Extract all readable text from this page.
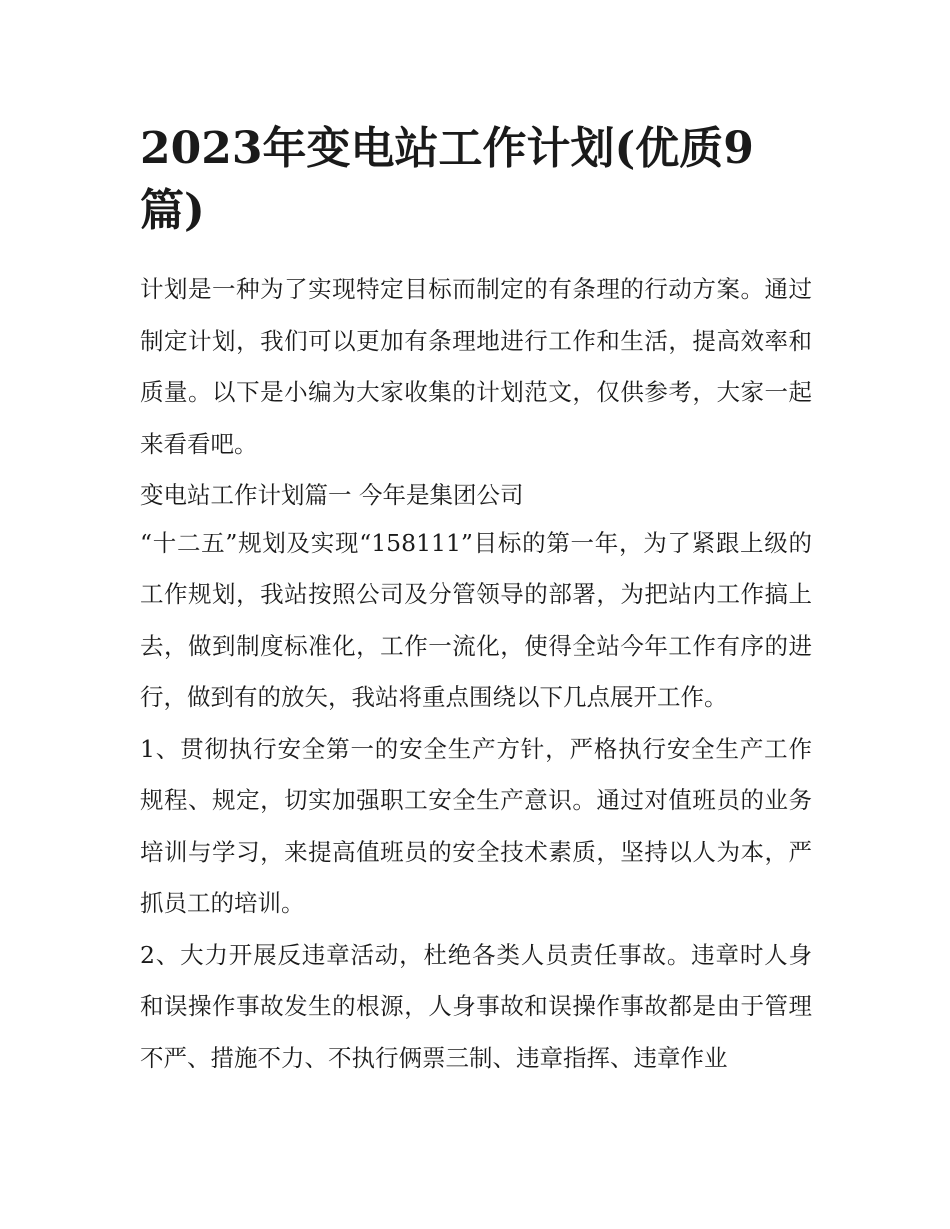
2023年变电站工作计划(优质9篇)

计划是一种为了实现特定目标而制定的有条理的行动方案。通过制定计划，我们可以更加有条理地进行工作和生活，提高效率和质量。以下是小编为大家收集的计划范文，仅供参考，大家一起来看看吧。

变电站工作计划篇一 今年是集团公司

“十二五”规划及实现“158111”目标的第一年，为了紧跟上级的工作规划，我站按照公司及分管领导的部署，为把站内工作搞上去，做到制度标准化，工作一流化，使得全站今年工作有序的进行，做到有的放矢，我站将重点围绕以下几点展开工作。

1、贯彻执行安全第一的安全生产方针，严格执行安全生产工作规程、规定，切实加强职工安全生产意识。通过对值班员的业务培训与学习，来提高值班员的安全技术素质，坚持以人为本，严抓员工的培训。

2、大力开展反违章活动，杜绝各类人员责任事故。违章时人身和误操作事故发生的根源，人身事故和误操作事故都是由于管理不严、措施不力、不执行俩票三制、违章指挥、违章作业
